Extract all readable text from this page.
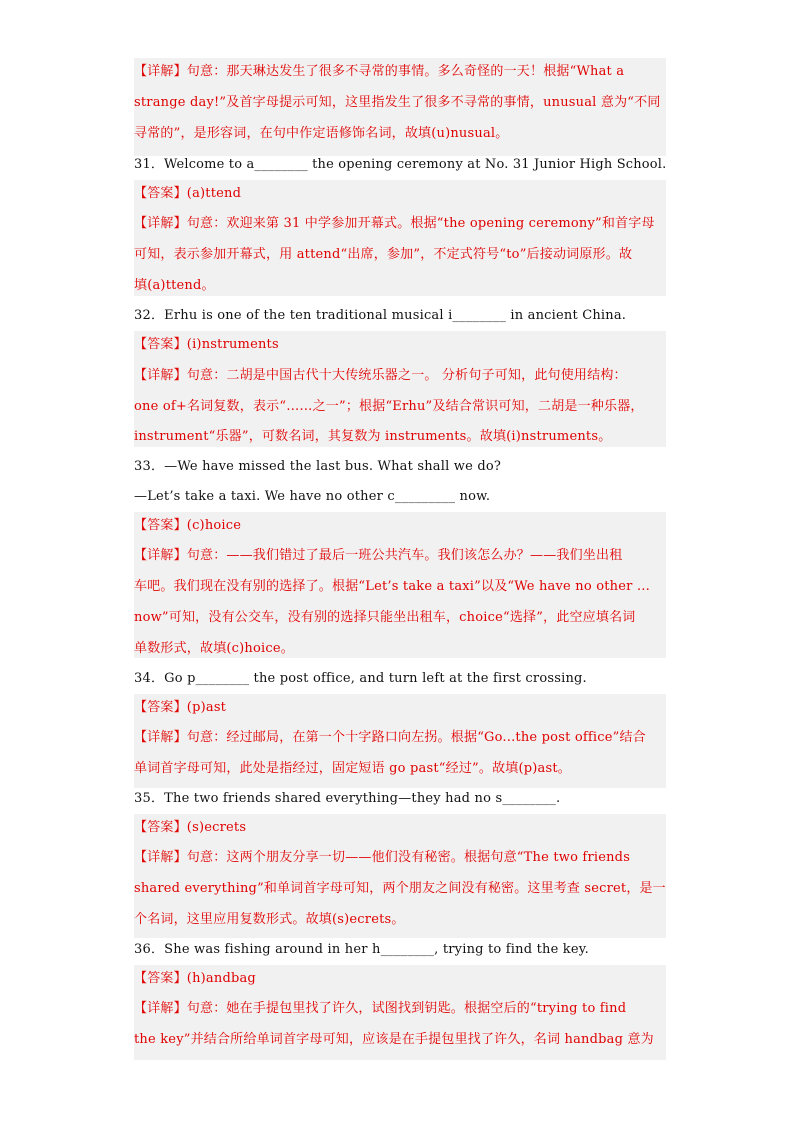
【详解】句意：那天琳达发生了很多不寻常的事情。多么奇怪的一天！根据“What a
strange day!”及首字母提示可知，这里指发生了很多不寻常的事情，unusual 意为“不同
寻常的”，是形容词，在句中作定语修饰名词，故填(u)nusual。
31．Welcome to a________ the opening ceremony at No. 31 Junior High School.
【答案】(a)ttend
【详解】句意：欢迎来第 31 中学参加开幕式。根据“the opening ceremony”和首字母
可知，表示参加开幕式，用 attend“出席，参加”，不定式符号“to”后接动词原形。故
填(a)ttend。
32．Erhu is one of the ten traditional musical i________ in ancient China.
【答案】(i)nstruments
【详解】句意：二胡是中国古代十大传统乐器之一。 分析句子可知，此句使用结构：
one of+名词复数，表示“……之一”；根据“Erhu”及结合常识可知，二胡是一种乐器，
instrument“乐器”，可数名词，其复数为 instruments。故填(i)nstruments。
33．—We have missed the last bus. What shall we do?
—Let’s take a taxi. We have no other c_________ now.
【答案】(c)hoice
【详解】句意：——我们错过了最后一班公共汽车。我们该怎么办？——我们坐出租
车吧。我们现在没有别的选择了。根据“Let’s take a taxi”以及“We have no other …
now”可知，没有公交车，没有别的选择只能坐出租车，choice“选择”，此空应填名词
单数形式，故填(c)hoice。
34．Go p________ the post office, and turn left at the first crossing.
【答案】(p)ast
【详解】句意：经过邮局，在第一个十字路口向左拐。根据“Go...the post office”结合
单词首字母可知，此处是指经过，固定短语 go past“经过”。故填(p)ast。
35．The two friends shared everything—they had no s________.
【答案】(s)ecrets
【详解】句意：这两个朋友分享一切——他们没有秘密。根据句意“The two friends
shared everything”和单词首字母可知，两个朋友之间没有秘密。这里考查 secret，是一
个名词，这里应用复数形式。故填(s)ecrets。
36．She was fishing around in her h________, trying to find the key.
【答案】(h)andbag
【详解】句意：她在手提包里找了许久，试图找到钥匙。根据空后的“trying to find
the key”并结合所给单词首字母可知，应该是在手提包里找了许久，名词 handbag 意为
